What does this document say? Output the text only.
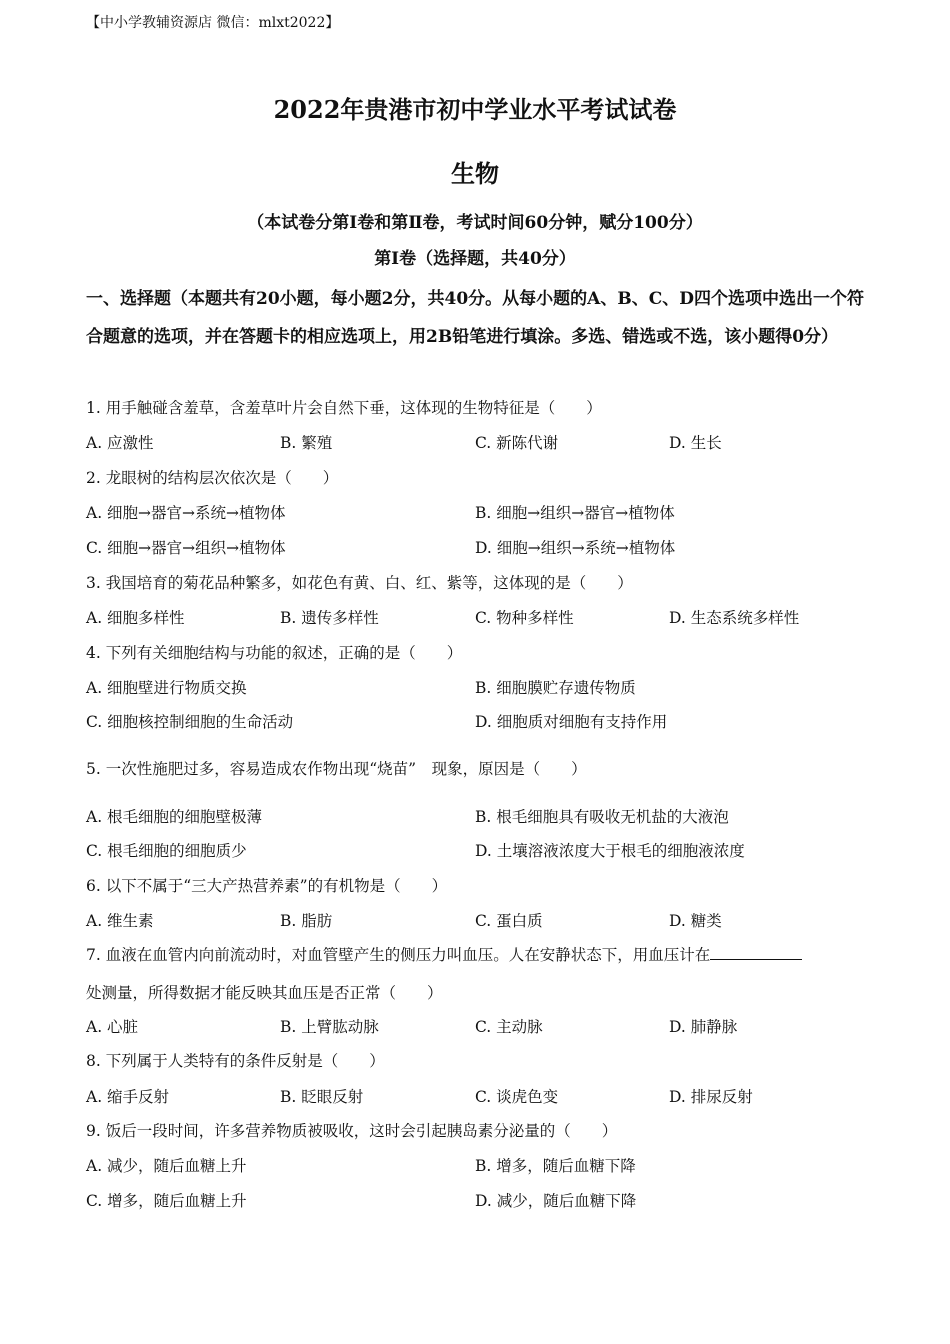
【中小学教辅资源店 微信：mlxt2022】
2022年贵港市初中学业水平考试试卷
生物
（本试卷分第Ⅰ卷和第Ⅱ卷，考试时间60分钟，赋分100分）
第Ⅰ卷（选择题，共40分）
一、选择题（本题共有20小题，每小题2分，共40分。从每小题的A、B、C、D四个选项中选出一个符合题意的选项，并在答题卡的相应选项上，用2B铅笔进行填涂。多选、错选或不选，该小题得0分）
1. 用手触碰含羞草，含羞草叶片会自然下垂，这体现的生物特征是（　　）
A. 应激性	B. 繁殖	C. 新陈代谢	D. 生长
2. 龙眼树的结构层次依次是（　　）
A. 细胞→器官→系统→植物体	B. 细胞→组织→器官→植物体
C. 细胞→器官→组织→植物体	D. 细胞→组织→系统→植物体
3. 我国培育的菊花品种繁多，如花色有黄、白、红、紫等，这体现的是（　　）
A. 细胞多样性	B. 遗传多样性	C. 物种多样性	D. 生态系统多样性
4. 下列有关细胞结构与功能的叙述，正确的是（　　）
A. 细胞壁进行物质交换	B. 细胞膜贮存遗传物质
C. 细胞核控制细胞的生命活动	D. 细胞质对细胞有支持作用
5. 一次性施肥过多，容易造成农作物出现“烧苗”　现象，原因是（　　）
A. 根毛细胞的细胞壁极薄	B. 根毛细胞具有吸收无机盐的大液泡
C. 根毛细胞的细胞质少	D. 土壤溶液浓度大于根毛的细胞液浓度
6. 以下不属于“三大产热营养素”的有机物是（　　）
A. 维生素	B. 脂肪	C. 蛋白质	D. 糖类
7. 血液在血管内向前流动时，对血管壁产生的侧压力叫血压。人在安静状态下，用血压计在
处测量，所得数据才能反映其血压是否正常（　　）
A. 心脏	B. 上臂肱动脉	C. 主动脉	D. 肺静脉
8. 下列属于人类特有的条件反射是（　　）
A. 缩手反射	B. 眨眼反射	C. 谈虎色变	D. 排尿反射
9. 饭后一段时间，许多营养物质被吸收，这时会引起胰岛素分泌量的（　　）
A. 减少，随后血糖上升	B. 增多，随后血糖下降
C. 增多，随后血糖上升	D. 减少，随后血糖下降
